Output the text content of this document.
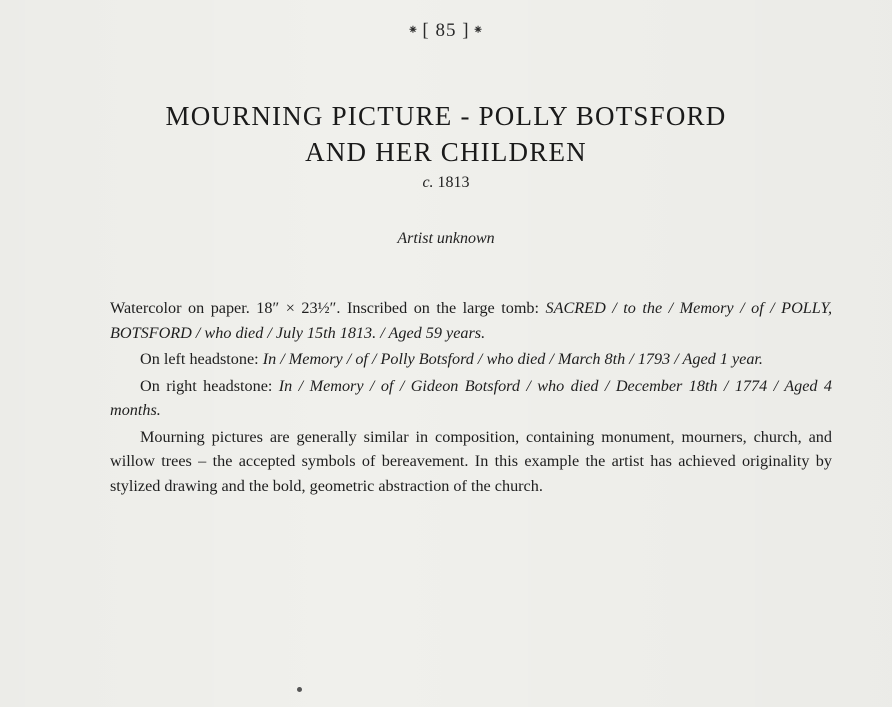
⁕ [ 85 ] ⁕
MOURNING PICTURE - POLLY BOTSFORD
AND HER CHILDREN
c. 1813
Artist unknown

Watercolor on paper. 18″ × 23½″. Inscribed on the large tomb: SACRED / to the / Memory / of / POLLY, BOTSFORD / who died / July 15th 1813. / Aged 59 years.

On left headstone: In / Memory / of / Polly Botsford / who died / March 8th / 1793 / Aged 1 year.

On right headstone: In / Memory / of / Gideon Botsford / who died / December 18th / 1774 / Aged 4 months.

Mourning pictures are generally similar in composition, containing monument, mourners, church, and willow trees – the accepted symbols of bereavement. In this example the artist has achieved originality by stylized drawing and the bold, geometric abstraction of the church.
